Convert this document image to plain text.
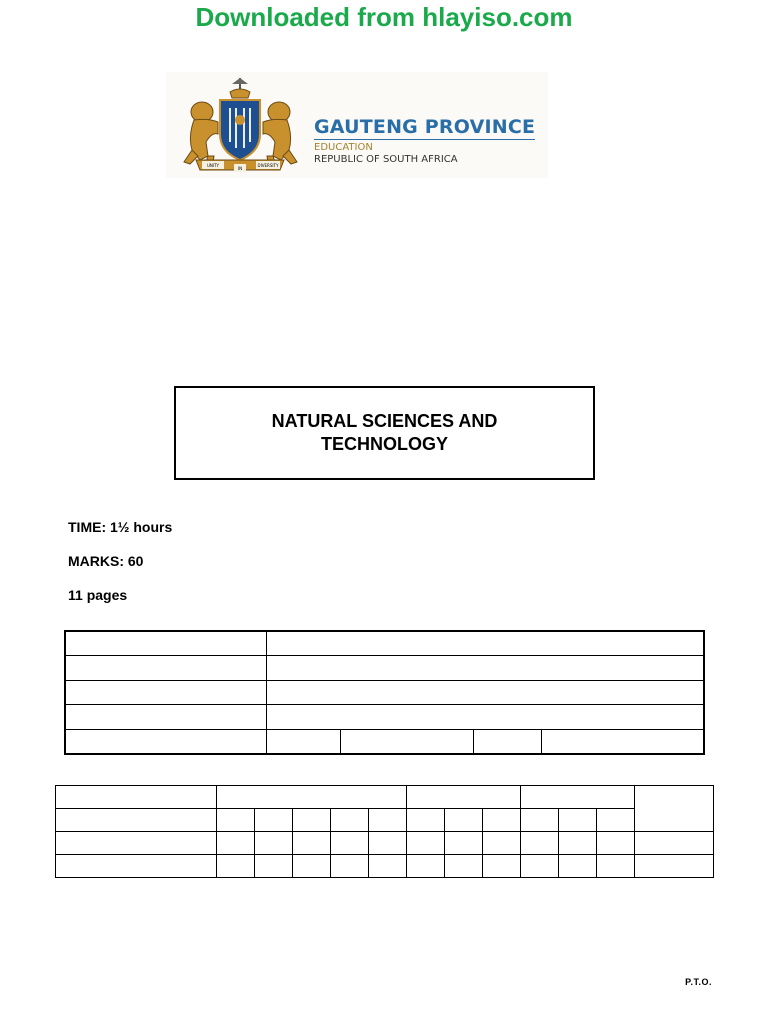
Downloaded from hlayiso.com
UNITY
IN
DIVERSITY
GAUTENG PROVINCE
EDUCATION
REPUBLIC OF SOUTH AFRICA
NATURAL SCIENCES AND
TECHNOLOGY
TIME: 1½ hours
MARKS: 60
11 pages

P.T.O.
